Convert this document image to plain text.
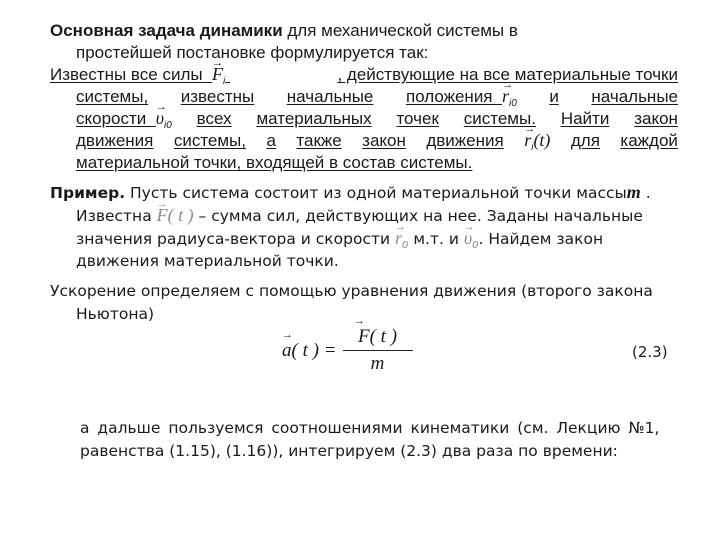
Основная задача динамики для механической системы в
простейшей постановке формулируется так:
Известны все силы → $F_i$	, действующие на все материальные точки
системы, известны начальные положения → $r_{i0}$ и начальные
скорости → $\upsilon_{i0}$ всех материальных точек системы. Найти закон
движения системы, а также закон движения → $r_i(t)$ для каждой
материальной точки, входящей в состав системы.
Пример. Пусть система состоит из одной материальной точки массыm .
Известна → F( t ) – сумма сил, действующих на нее. Заданы начальные
значения радиуса-вектора и скорости → $r_0$ м.т. $и \to \upsilon_0$. Найдем закон
движения материальной точки.
Ускорение определяем с помощью уравнения движения (второго закона
Ньютона)
→ a( t ) = → $\frac{F( t )}{m}$	(2.3)
а дальше пользуемся соотношениями кинематики (см. Лекцию №1,
равенства (1.15), (1.16)), интегрируем (2.3) два раза по времени:
